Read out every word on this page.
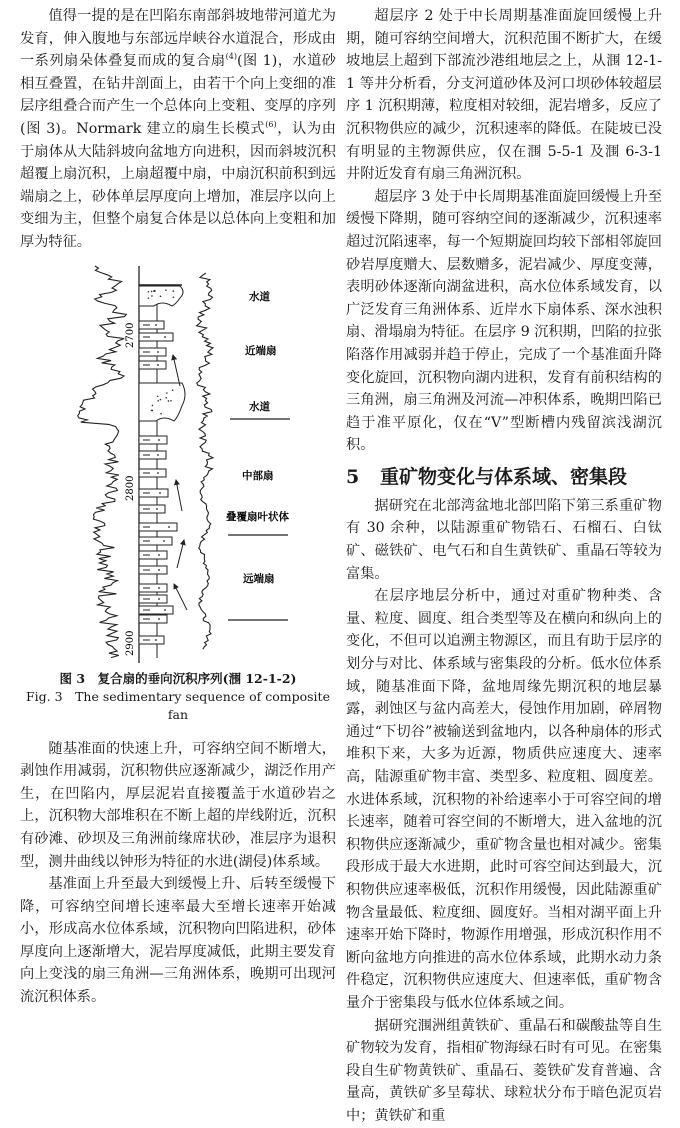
值得一提的是在凹陷东南部斜坡地带河道尤为发育，伸入腹地与东部远岸峡谷水道混合，形成由一系列扇朵体叠复而成的复合扇$^{(4)}$(图 1)，水道砂相互叠置，在钻井剖面上，由若干个向上变细的准层序组叠合而产生一个总体向上变粗、变厚的序列(图 3)。Normark 建立的扇生长模式$^{(6)}$，认为由于扇体从大陆斜坡向盆地方向进积，因而斜坡沉积超覆上扇沉积，上扇超覆中扇，中扇沉积前积到远端扇之上，砂体单层厚度向上增加，准层序以向上变细为主，但整个扇复合体是以总体向上变粗和加厚为特征。

2700
2800
2900
水道
近端扇
水道
中部扇
叠覆扇叶状体
远端扇
图 3　复合扇的垂向沉积序列(涠 12-1-2)
Fig. 3　The sedimentary sequence of composite fan

随基准面的快速上升，可容纳空间不断增大，剥蚀作用减弱，沉积物供应逐渐减少，湖泛作用产生，在凹陷内，厚层泥岩直接覆盖于水道砂岩之上，沉积物大部堆积在不断上超的岸线附近，沉积有砂滩、砂坝及三角洲前缘席状砂，准层序为退积型，测井曲线以钟形为特征的水进(湖侵)体系域。

基准面上升至最大到缓慢上升、后转至缓慢下降，可容纳空间增长速率最大至增长速率开始减小，形成高水位体系域，沉积物向凹陷进积，砂体厚度向上逐渐增大，泥岩厚度减低，此期主要发育向上变浅的扇三角洲—三角洲体系，晚期可出现河流沉积体系。

超层序 2 处于中长周期基准面旋回缓慢上升期，随可容纳空间增大，沉积范围不断扩大，在缓坡地层上超到下部流沙港组地层之上，从涠 12-1-1 等井分析看，分支河道砂体及河口坝砂体较超层序 1 沉积期薄，粒度相对较细，泥岩增多，反应了沉积物供应的减少，沉积速率的降低。在陡坡已没有明显的主物源供应，仅在涠 5-5-1 及涠 6-3-1 井附近发育有扇三角洲沉积。

超层序 3 处于中长周期基准面旋回缓慢上升至缓慢下降期，随可容纳空间的逐渐减少，沉积速率超过沉陷速率，每一个短期旋回均较下部相邻旋回砂岩厚度赠大、层数赠多，泥岩减少、厚度变薄，表明砂体逐渐向湖盆进积，高水位体系域发育，以广泛发育三角洲体系、近岸水下扇体系、深水浊积扇、滑塌扇为特征。在层序 9 沉积期，凹陷的拉张陷落作用减弱并趋于停止，完成了一个基准面升降变化旋回，沉积物向湖内进积，发育有前积结构的三角洲，扇三角洲及河流—冲积体系，晚期凹陷已趋于准平原化，仅在“V”型断槽内残留滨浅湖沉积。

5 重矿物变化与体系域、密集段

据研究在北部湾盆地北部凹陷下第三系重矿物有 30 余种，以陆源重矿物锆石、石榴石、白钛矿、磁铁矿、电气石和自生黄铁矿、重晶石等较为富集。

在层序地层分析中，通过对重矿物种类、含量、粒度、圆度、组合类型等及在横向和纵向上的变化，不但可以追溯主物源区，而且有助于层序的划分与对比、体系域与密集段的分析。低水位体系域，随基准面下降，盆地周缘先期沉积的地层暴露，剥蚀区与盆内高差大，侵蚀作用加剧，碎屑物通过“下切谷”被输送到盆地内，以各种扇体的形式堆积下来，大多为近源，物质供应速度大、速率高，陆源重矿物丰富、类型多、粒度粗、圆度差。水进体系域，沉积物的补给速率小于可容空间的增长速率，随着可容空间的不断增大，进入盆地的沉积物供应逐渐减少，重矿物含量也相对减少。密集段形成于最大水进期，此时可容空间达到最大，沉积物供应速率极低，沉积作用缓慢，因此陆源重矿物含量最低、粒度细、圆度好。当相对湖平面上升速率开始下降时，物源作用增强，形成沉积作用不断向盆地方向推进的高水位体系域，此期水动力条件稳定，沉积物供应速度大、但速率低，重矿物含量介于密集段与低水位体系域之间。

据研究涠洲组黄铁矿、重晶石和碳酸盐等自生矿物较为发育，指相矿物海绿石时有可见。在密集段自生矿物黄铁矿、重晶石、菱铁矿发育普遍、含量高，黄铁矿多呈莓状、球粒状分布于暗色泥页岩中；黄铁矿和重
